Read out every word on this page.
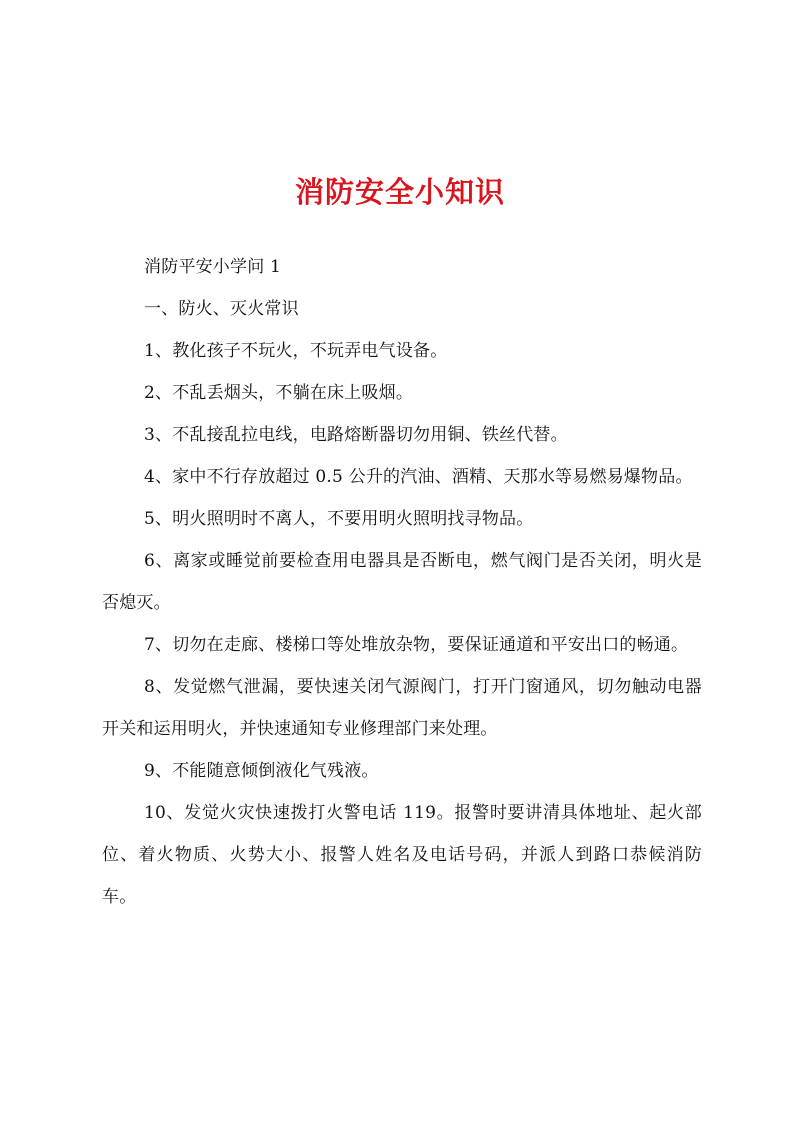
消防安全小知识

消防平安小学问 1

一、防火、灭火常识

1、教化孩子不玩火，不玩弄电气设备。

2、不乱丢烟头，不躺在床上吸烟。

3、不乱接乱拉电线，电路熔断器切勿用铜、铁丝代替。

4、家中不行存放超过 0.5 公升的汽油、酒精、天那水等易燃易爆物品。

5、明火照明时不离人，不要用明火照明找寻物品。

6、离家或睡觉前要检查用电器具是否断电，燃气阀门是否关闭，明火是否熄灭。

7、切勿在走廊、楼梯口等处堆放杂物，要保证通道和平安出口的畅通。

8、发觉燃气泄漏，要快速关闭气源阀门，打开门窗通风，切勿触动电器开关和运用明火，并快速通知专业修理部门来处理。

9、不能随意倾倒液化气残液。

10、发觉火灾快速拨打火警电话 119。报警时要讲清具体地址、起火部位、着火物质、火势大小、报警人姓名及电话号码，并派人到路口恭候消防车。
